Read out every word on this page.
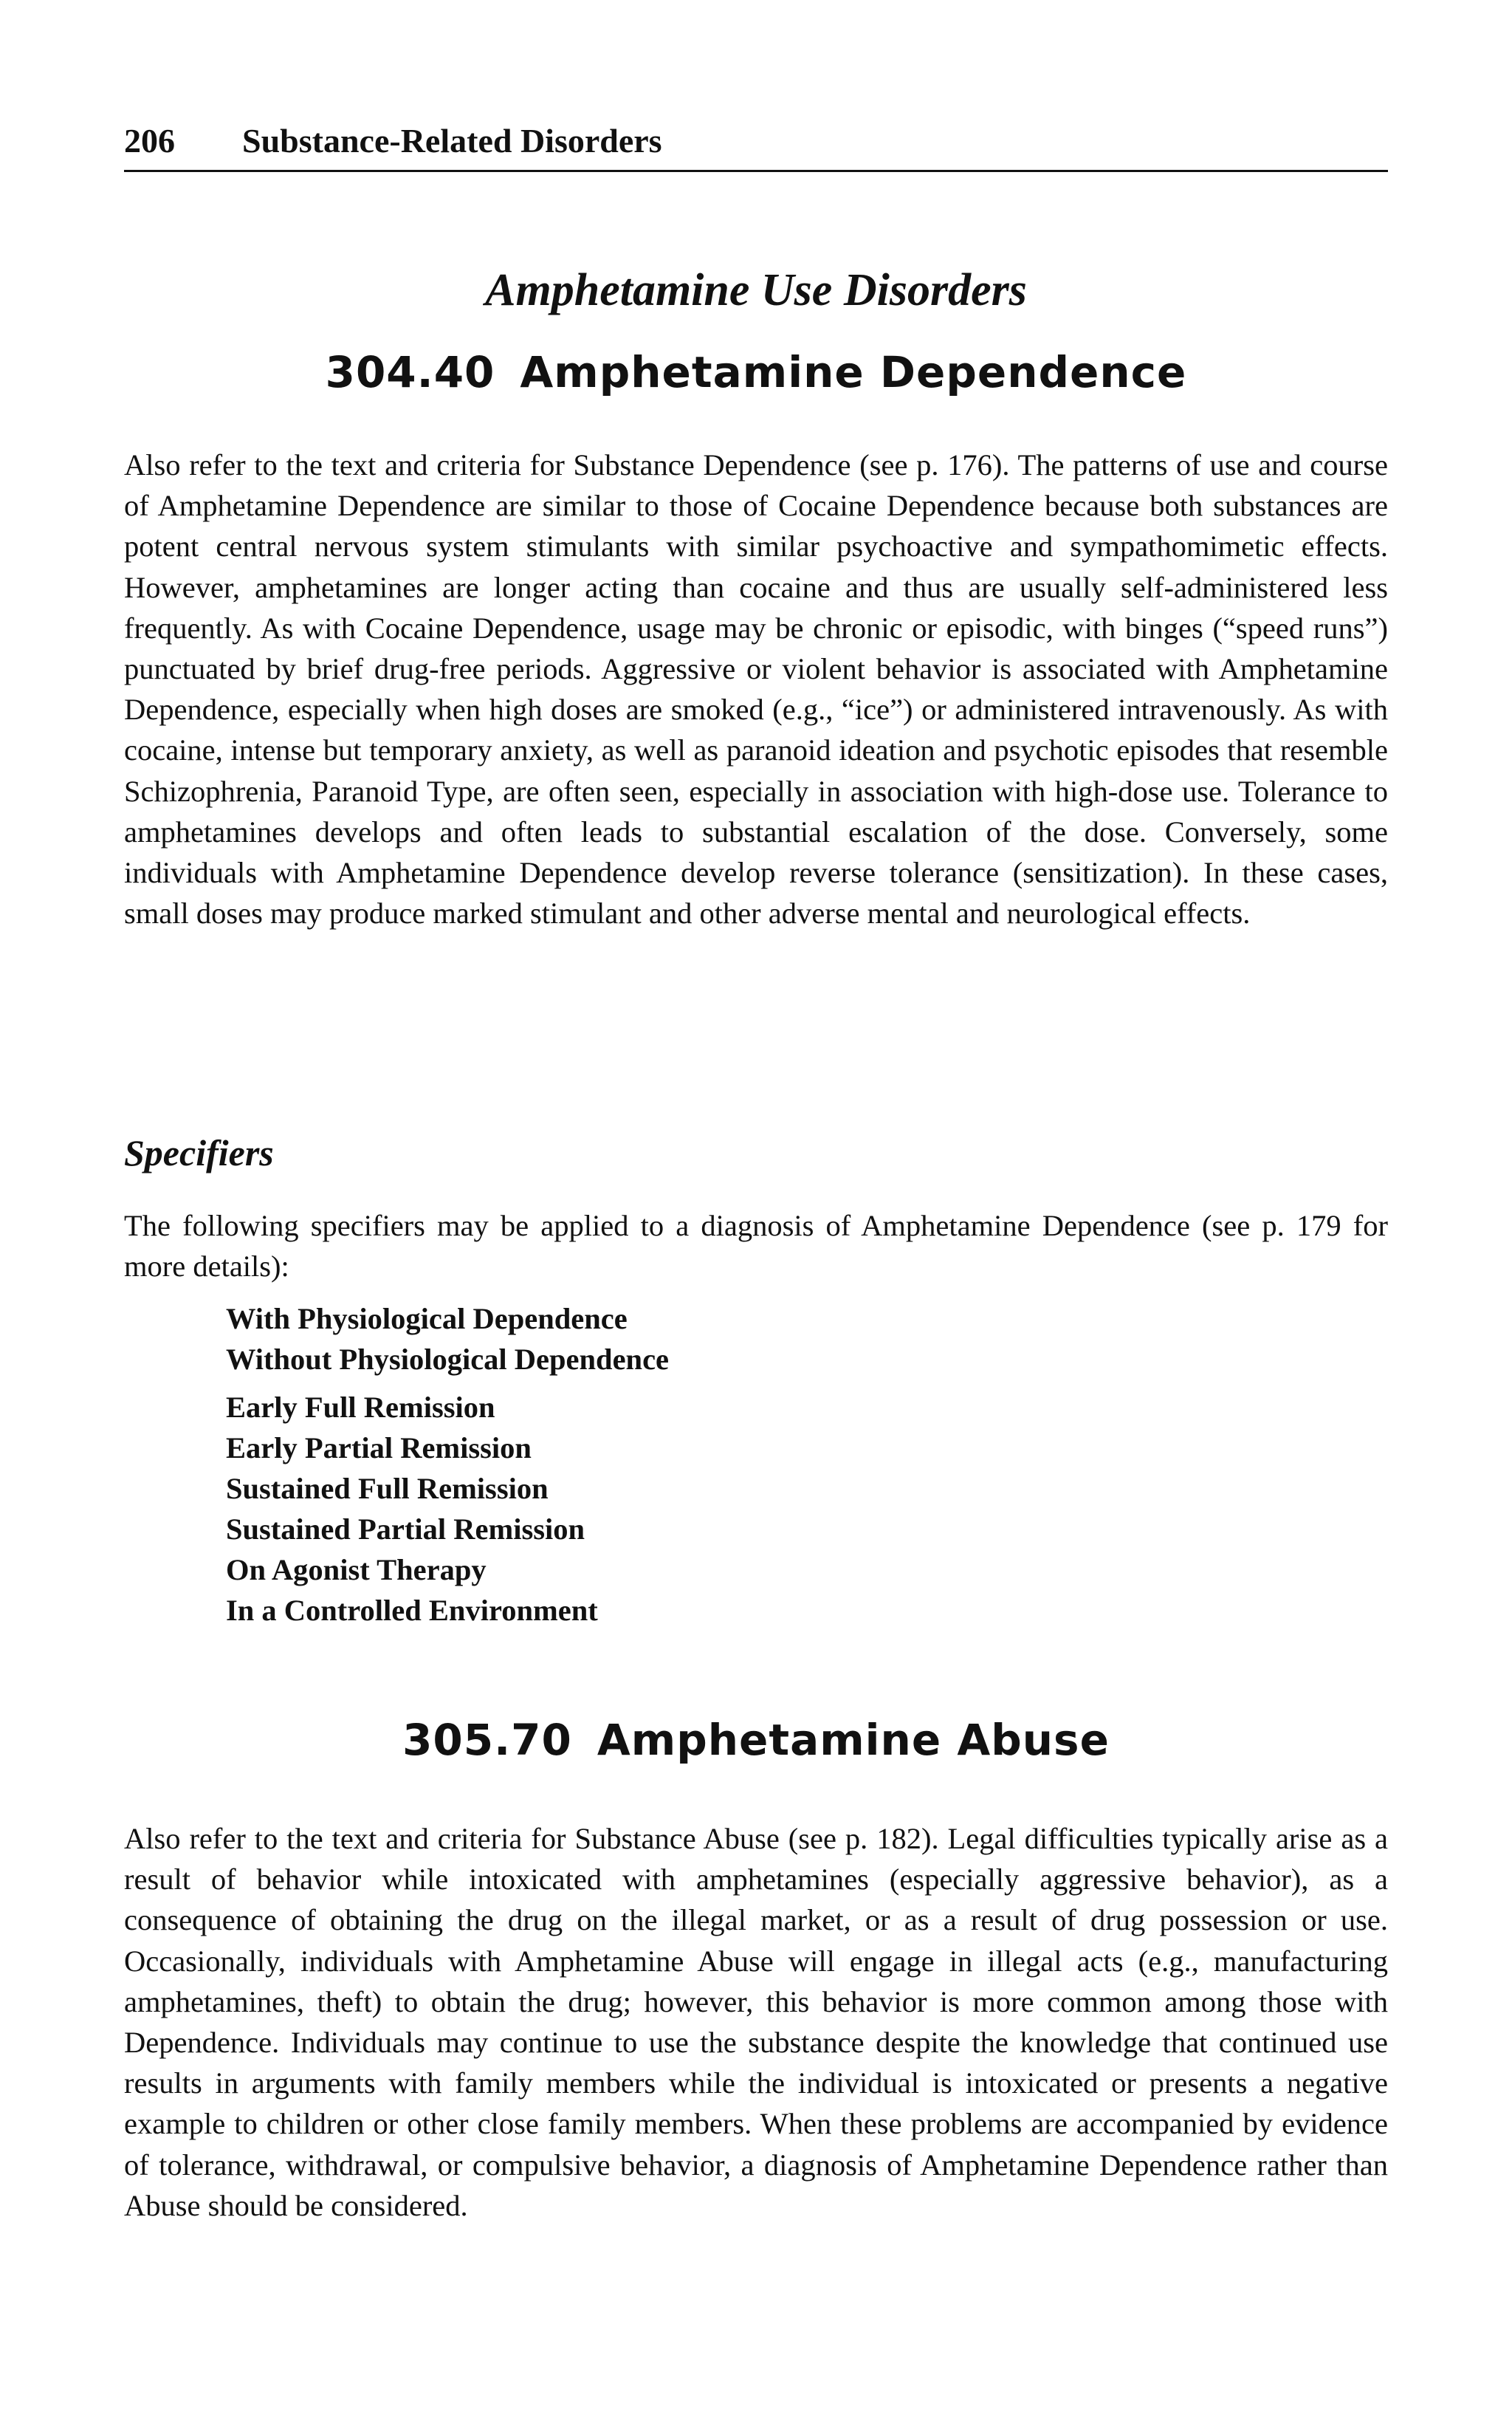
206 Substance-Related Disorders
Amphetamine Use Disorders
304.40 Amphetamine Dependence

Also refer to the text and criteria for Substance Dependence (see p. 176). The patterns of use and course of Amphetamine Dependence are similar to those of Cocaine Dependence because both substances are potent central nervous system stimulants with similar psychoactive and sympathomimetic effects. However, amphetamines are longer acting than cocaine and thus are usually self-administered less frequently. As with Cocaine Dependence, usage may be chronic or episodic, with binges (“speed runs”) punctuated by brief drug-free periods. Aggressive or violent behavior is associated with Amphetamine Dependence, especially when high doses are smoked (e.g., “ice”) or administered intravenously. As with cocaine, intense but temporary anxiety, as well as paranoid ideation and psychotic episodes that resemble Schizophrenia, Paranoid Type, are often seen, especially in association with high-dose use. Tolerance to amphetamines develops and often leads to substantial escalation of the dose. Conversely, some individuals with Amphetamine Dependence develop reverse tolerance (sensitization). In these cases, small doses may produce marked stimulant and other adverse mental and neurological effects.

Specifiers

The following specifiers may be applied to a diagnosis of Amphetamine Dependence (see p. 179 for more details):

With Physiological Dependence
Without Physiological Dependence
Early Full Remission
Early Partial Remission
Sustained Full Remission
Sustained Partial Remission
On Agonist Therapy
In a Controlled Environment
305.70 Amphetamine Abuse

Also refer to the text and criteria for Substance Abuse (see p. 182). Legal difficulties typically arise as a result of behavior while intoxicated with amphetamines (especially aggressive behavior), as a consequence of obtaining the drug on the illegal market, or as a result of drug possession or use. Occasionally, individuals with Amphetamine Abuse will engage in illegal acts (e.g., manufacturing amphetamines, theft) to obtain the drug; however, this behavior is more common among those with Dependence. Individuals may continue to use the substance despite the knowledge that continued use results in arguments with family members while the individual is intoxicated or presents a negative example to children or other close family members. When these problems are accompanied by evidence of tolerance, withdrawal, or compulsive behavior, a diagnosis of Amphetamine Dependence rather than Abuse should be considered.
